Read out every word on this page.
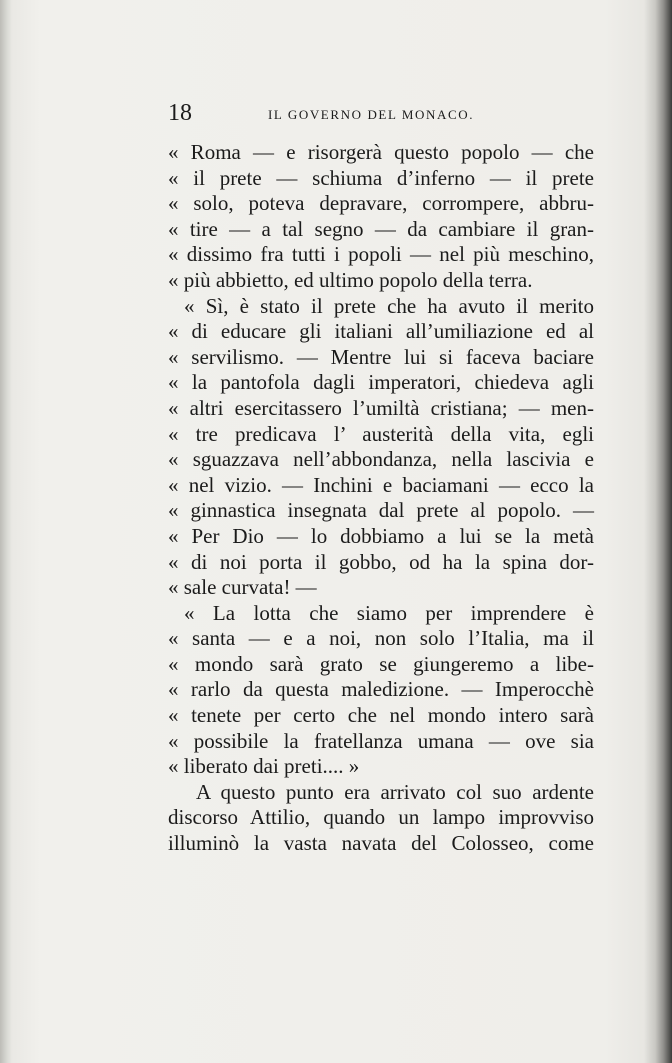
18	IL GOVERNO DEL MONACO.
« Roma — e risorgerà questo popolo — che
« il prete — schiuma d’inferno — il prete
« solo, poteva depravare, corrompere, abbru-
« tire — a tal segno — da cambiare il gran-
« dissimo fra tutti i popoli — nel più meschino,
« più abbietto, ed ultimo popolo della terra.
« Sì, è stato il prete che ha avuto il merito
« di educare gli italiani all’umiliazione ed al
« servilismo. — Mentre lui si faceva baciare
« la pantofola dagli imperatori, chiedeva agli
« altri esercitassero l’umiltà cristiana; — men-
« tre predicava l’ austerità della vita, egli
« sguazzava nell’abbondanza, nella lascivia e
« nel vizio. — Inchini e baciamani — ecco la
« ginnastica insegnata dal prete al popolo. —
« Per Dio — lo dobbiamo a lui se la metà
« di noi porta il gobbo, od ha la spina dor-
« sale curvata! —
« La lotta che siamo per imprendere è
« santa — e a noi, non solo l’Italia, ma il
« mondo sarà grato se giungeremo a libe-
« rarlo da questa maledizione. — Imperocchè
« tenete per certo che nel mondo intero sarà
« possibile la fratellanza umana — ove sia
« liberato dai preti.... »
A questo punto era arrivato col suo ardente
discorso Attilio, quando un lampo improvviso
illuminò la vasta navata del Colosseo, come
